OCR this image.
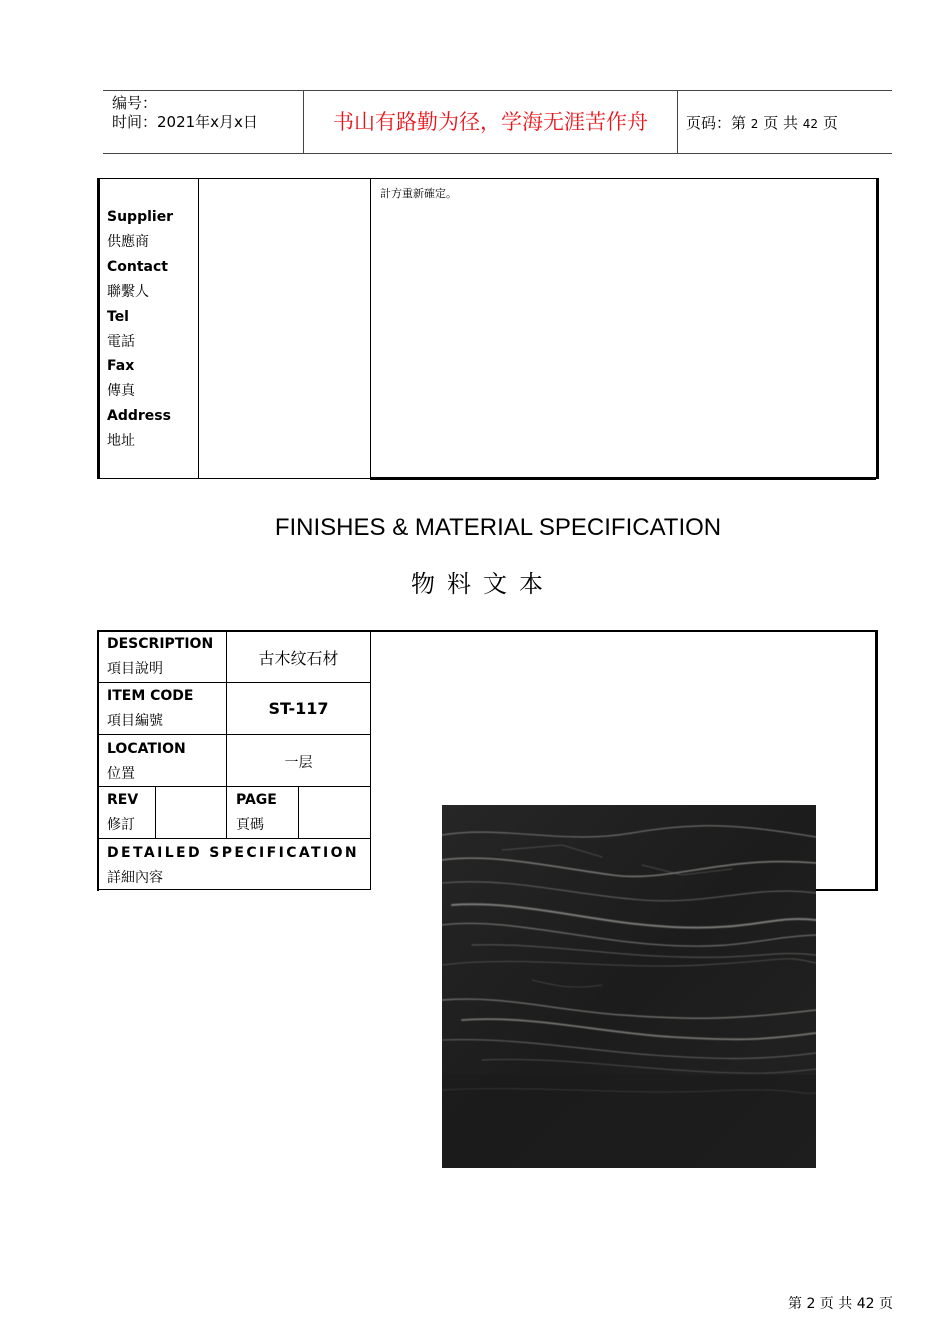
编号：
时间：2021年x月x日	书山有路勤为径，学海无涯苦作舟	页码：第 2 页 共 42 页
Supplier
供應商
Contact
聯繫人
Tel
電話
Fax
傳真
Address
地址
計方重新確定。
FINISHES & MATERIAL SPECIFICATION
物料文本
DESCRIPTION
項目說明
古木纹石材
ITEM CODE
項目編號
ST-117
LOCATION
位置
一层
REV
修訂
PAGE
頁碼
DETAILED SPECIFICATION
詳細內容
第 2 页 共 42 页
